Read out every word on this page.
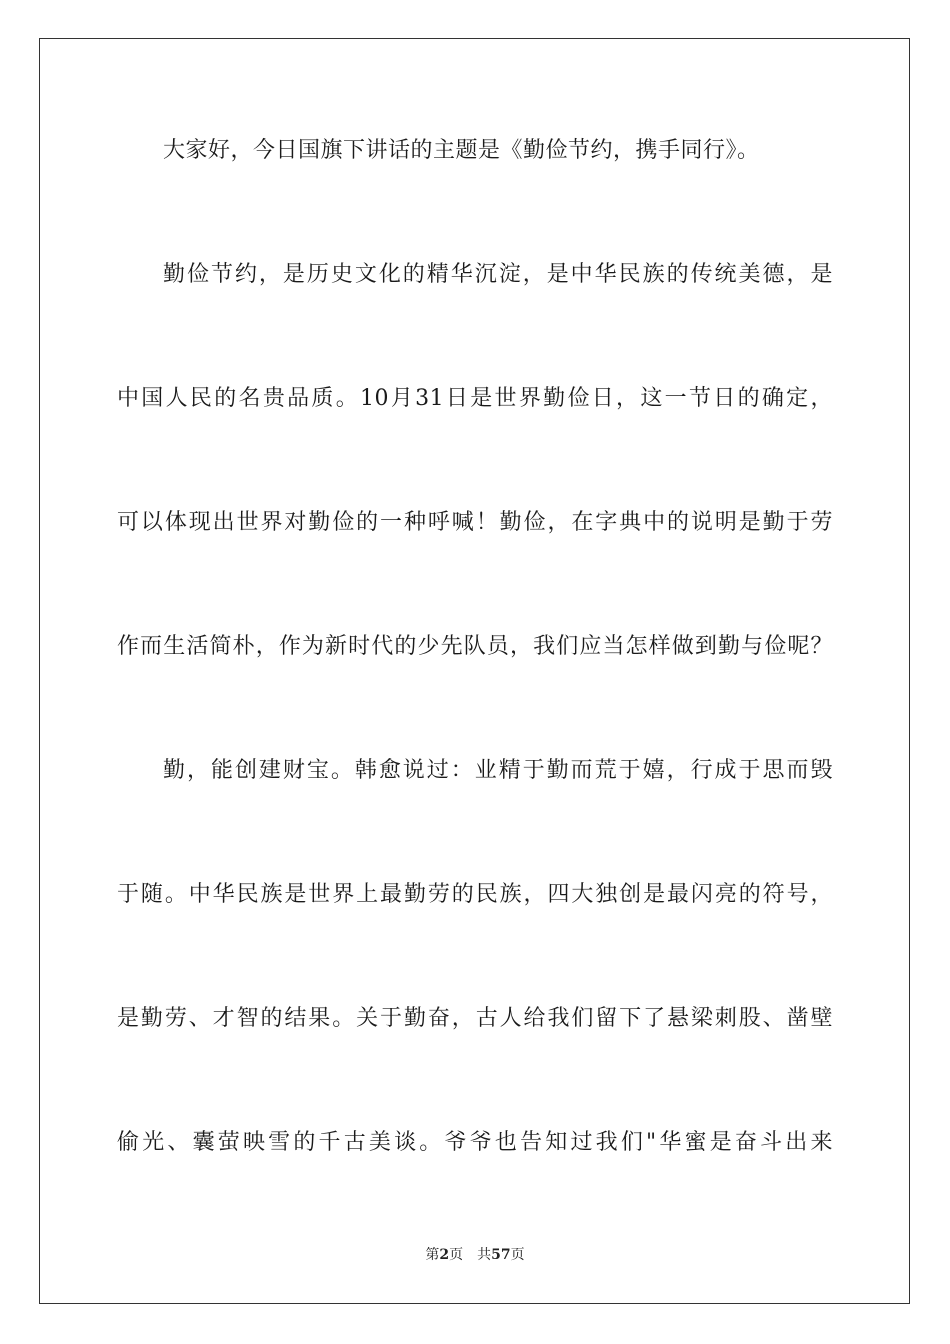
大家好，今日国旗下讲话的主题是《勤俭节约，携手同行》。
勤俭节约，是历史文化的精华沉淀，是中华民族的传统美德，是
中国人民的名贵品质。10月31日是世界勤俭日，这一节日的确定，
可以体现出世界对勤俭的一种呼喊！勤俭，在字典中的说明是勤于劳
作而生活简朴，作为新时代的少先队员，我们应当怎样做到勤与俭呢？
勤，能创建财宝。韩愈说过：业精于勤而荒于嬉，行成于思而毁
于随。中华民族是世界上最勤劳的民族，四大独创是最闪亮的符号，
是勤劳、才智的结果。关于勤奋，古人给我们留下了悬梁刺股、凿壁
偷光、囊萤映雪的千古美谈。爷爷也告知过我们"华蜜是奋斗出来
第2页 共57页
